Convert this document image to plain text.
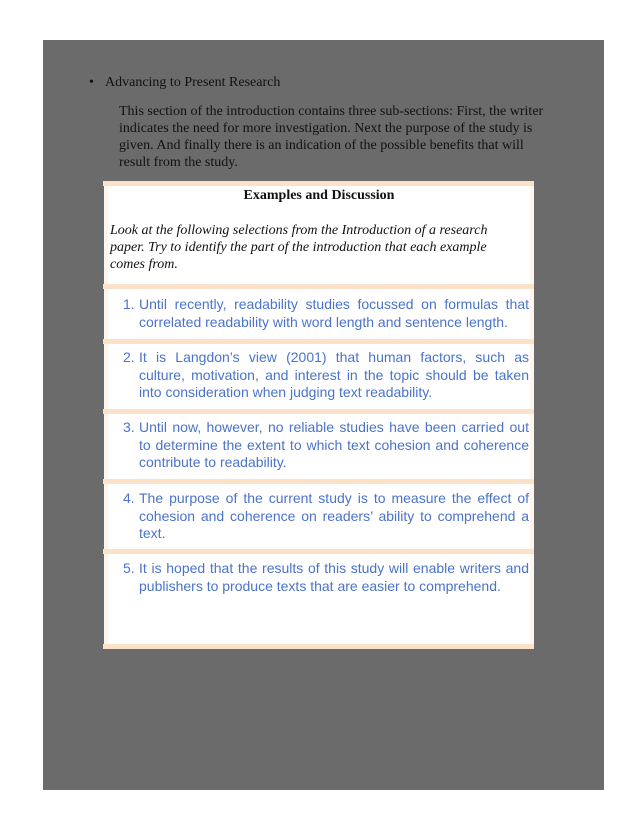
• Advancing to Present Research
This section of the introduction contains three sub-sections: First, the writer indicates the need for more investigation. Next the purpose of the study is given. And finally there is an indication of the possible benefits that will result from the study.
Examples and Discussion
Look at the following selections from the Introduction of a research paper. Try to identify the part of the introduction that each example comes from.
1. Until recently, readability studies focussed on formulas that correlated readability with word length and sentence length.
2. It is Langdon’s view (2001) that human factors, such as culture, motivation, and interest in the topic should be taken into consideration when judging text readability.
3. Until now, however, no reliable studies have been carried out to determine the extent to which text cohesion and coherence contribute to readability.
4. The purpose of the current study is to measure the effect of cohesion and coherence on readers’ ability to comprehend a text.
5. It is hoped that the results of this study will enable writers and publishers to produce texts that are easier to comprehend.
